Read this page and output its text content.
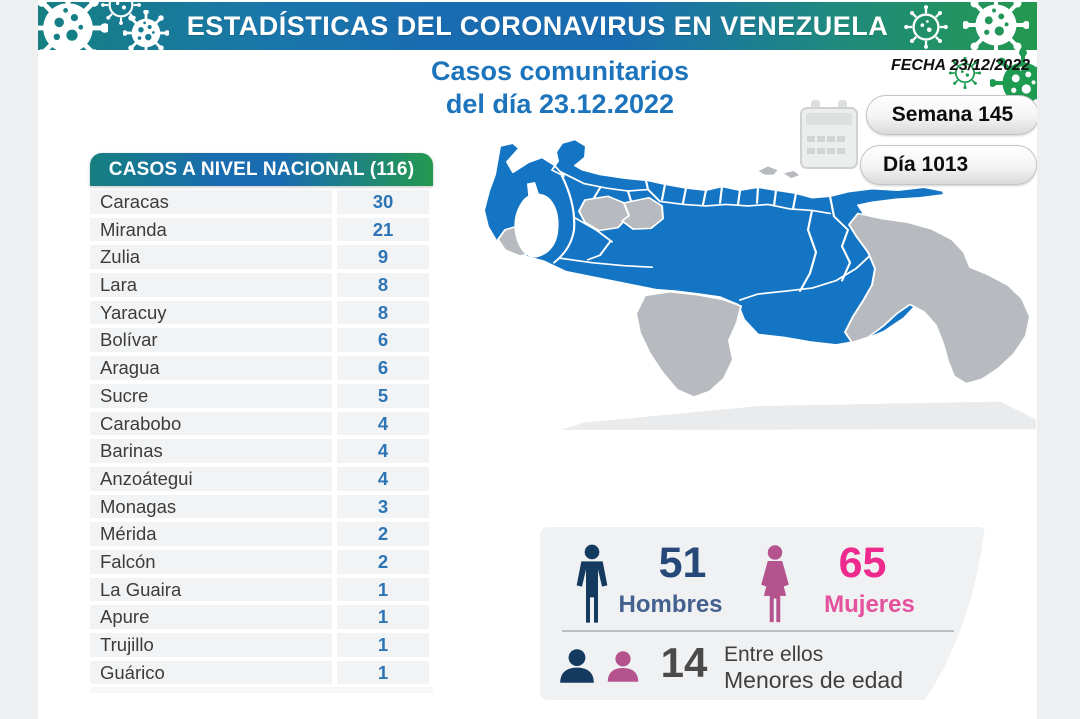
ESTADÍSTICAS DEL CORONAVIRUS EN VENEZUELA
Casos comunitarios
del día 23.12.2022
FECHA 23/12/2022
Semana 145
Día 1013
CASOS A NIVEL NACIONAL (116)
Caracas	30
Miranda	21
Zulia	9
Lara	8
Yaracuy	8
Bolívar	6
Aragua	6
Sucre	5
Carabobo	4
Barinas	4
Anzoátegui	4
Monagas	3
Mérida	2
Falcón	2
La Guaira	1
Apure	1
Trujillo	1
Guárico	1
51
Hombres
65
Mujeres
14 Entre ellos
Menores de edad
